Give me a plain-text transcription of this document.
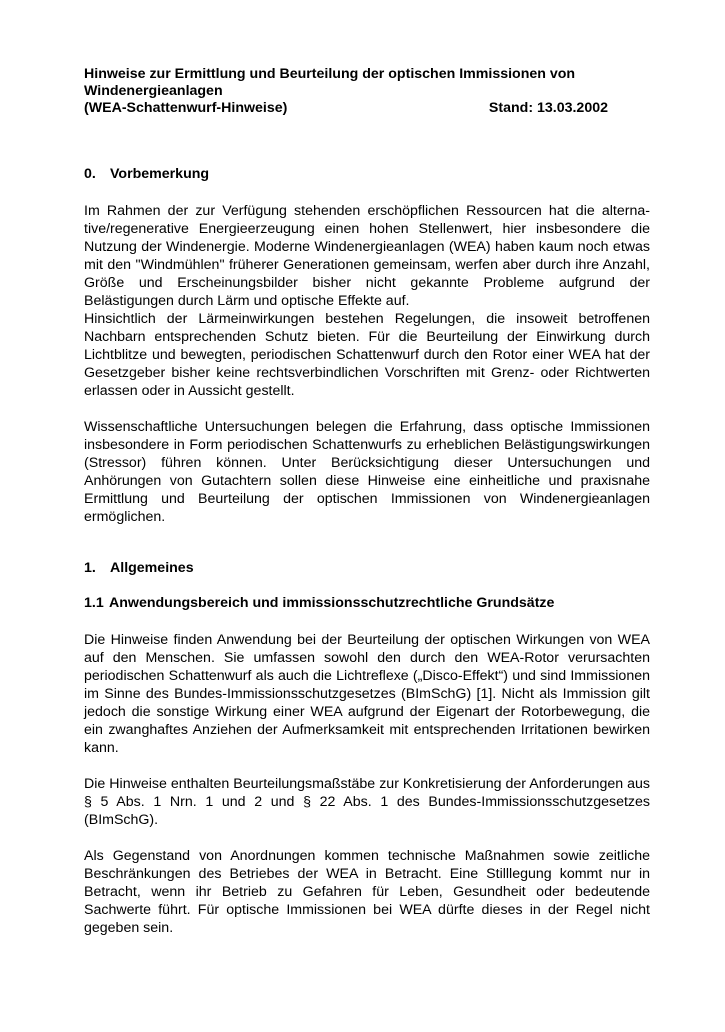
Hinweise zur Ermittlung und Beurteilung der optischen Immissionen von
Windenergieanlagen
(WEA-Schattenwurf-Hinweise)	Stand: 13.03.2002
0. Vorbemerkung

Im Rahmen der zur Verfügung stehenden erschöpflichen Ressourcen hat die alternative/regenerative Energieerzeugung einen hohen Stellenwert, hier insbesondere die Nutzung der Windenergie. Moderne Windenergieanlagen (WEA) haben kaum noch etwas mit den "Windmühlen" früherer Generationen gemeinsam, werfen aber durch ihre Anzahl, Größe und Erscheinungsbilder bisher nicht gekannte Probleme aufgrund der Belästigungen durch Lärm und optische Effekte auf.

Hinsichtlich der Lärmeinwirkungen bestehen Regelungen, die insoweit betroffenen Nachbarn entsprechenden Schutz bieten. Für die Beurteilung der Einwirkung durch Lichtblitze und bewegten, periodischen Schattenwurf durch den Rotor einer WEA hat der Gesetzgeber bisher keine rechtsverbindlichen Vorschriften mit Grenz- oder Richtwerten erlassen oder in Aussicht gestellt.

Wissenschaftliche Untersuchungen belegen die Erfahrung, dass optische Immissionen insbesondere in Form periodischen Schattenwurfs zu erheblichen Belästigungswirkungen (Stressor) führen können. Unter Berücksichtigung dieser Untersuchungen und Anhörungen von Gutachtern sollen diese Hinweise eine einheitliche und praxisnahe Ermittlung und Beurteilung der optischen Immissionen von Windenergieanlagen ermöglichen.

1. Allgemeines
1.1 Anwendungsbereich und immissionsschutzrechtliche Grundsätze

Die Hinweise finden Anwendung bei der Beurteilung der optischen Wirkungen von WEA auf den Menschen. Sie umfassen sowohl den durch den WEA-Rotor verursachten periodischen Schattenwurf als auch die Lichtreflexe („Disco-Effekt“) und sind Immissionen im Sinne des Bundes-Immissionsschutzgesetzes (BImSchG) [1]. Nicht als Immission gilt jedoch die sonstige Wirkung einer WEA aufgrund der Eigenart der Rotorbewegung, die ein zwanghaftes Anziehen der Aufmerksamkeit mit entsprechenden Irritationen bewirken kann.

Die Hinweise enthalten Beurteilungsmaßstäbe zur Konkretisierung der Anforderungen aus § 5 Abs. 1 Nrn. 1 und 2 und § 22 Abs. 1 des Bundes-Immissionsschutzgesetzes (BImSchG).

Als Gegenstand von Anordnungen kommen technische Maßnahmen sowie zeitliche Beschränkungen des Betriebes der WEA in Betracht. Eine Stilllegung kommt nur in Betracht, wenn ihr Betrieb zu Gefahren für Leben, Gesundheit oder bedeutende Sachwerte führt. Für optische Immissionen bei WEA dürfte dieses in der Regel nicht gegeben sein.
